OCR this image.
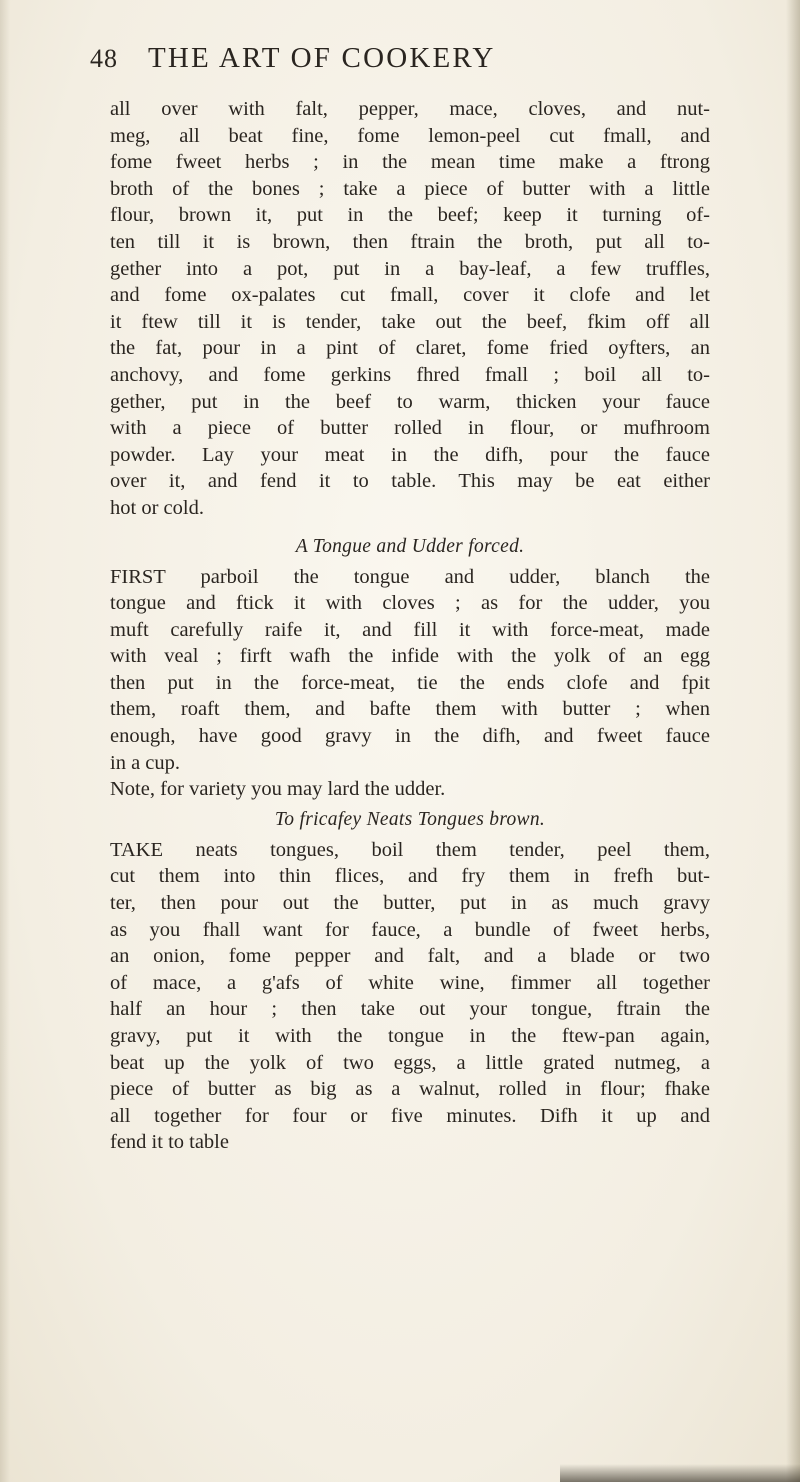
48 THE ART OF COOKERY
all over with falt, pepper, mace, cloves, and nut-
meg, all beat fine, fome lemon-peel cut fmall, and
fome fweet herbs ; in the mean time make a ftrong
broth of the bones ; take a piece of butter with a little
flour, brown it, put in the beef; keep it turning of-
ten till it is brown, then ftrain the broth, put all to-
gether into a pot, put in a bay-leaf, a few truffles,
and fome ox-palates cut fmall, cover it clofe and let
it ftew till it is tender, take out the beef, fkim off all
the fat, pour in a pint of claret, fome fried oyfters, an
anchovy, and fome gerkins fhred fmall ; boil all to-
gether, put in the beef to warm, thicken your fauce
with a piece of butter rolled in flour, or mufhroom
powder. Lay your meat in the difh, pour the fauce
over it, and fend it to table. This may be eat either
hot or cold.
A Tongue and Udder forced.
FIRST parboil the tongue and udder, blanch the
tongue and ftick it with cloves ; as for the udder, you
muft carefully raife it, and fill it with force-meat, made
with veal ; firft wafh the infide with the yolk of an egg
then put in the force-meat, tie the ends clofe and fpit
them, roaft them, and bafte them with butter ; when
enough, have good gravy in the difh, and fweet fauce
in a cup.
Note, for variety you may lard the udder.
To fricafey Neats Tongues brown.
TAKE neats tongues, boil them tender, peel them,
cut them into thin flices, and fry them in frefh but-
ter, then pour out the butter, put in as much gravy
as you fhall want for fauce, a bundle of fweet herbs,
an onion, fome pepper and falt, and a blade or two
of mace, a g'afs of white wine, fimmer all together
half an hour ; then take out your tongue, ftrain the
gravy, put it with the tongue in the ftew-pan again,
beat up the yolk of two eggs, a little grated nutmeg, a
piece of butter as big as a walnut, rolled in flour; fhake
all together for four or five minutes. Difh it up and
fend it to table
